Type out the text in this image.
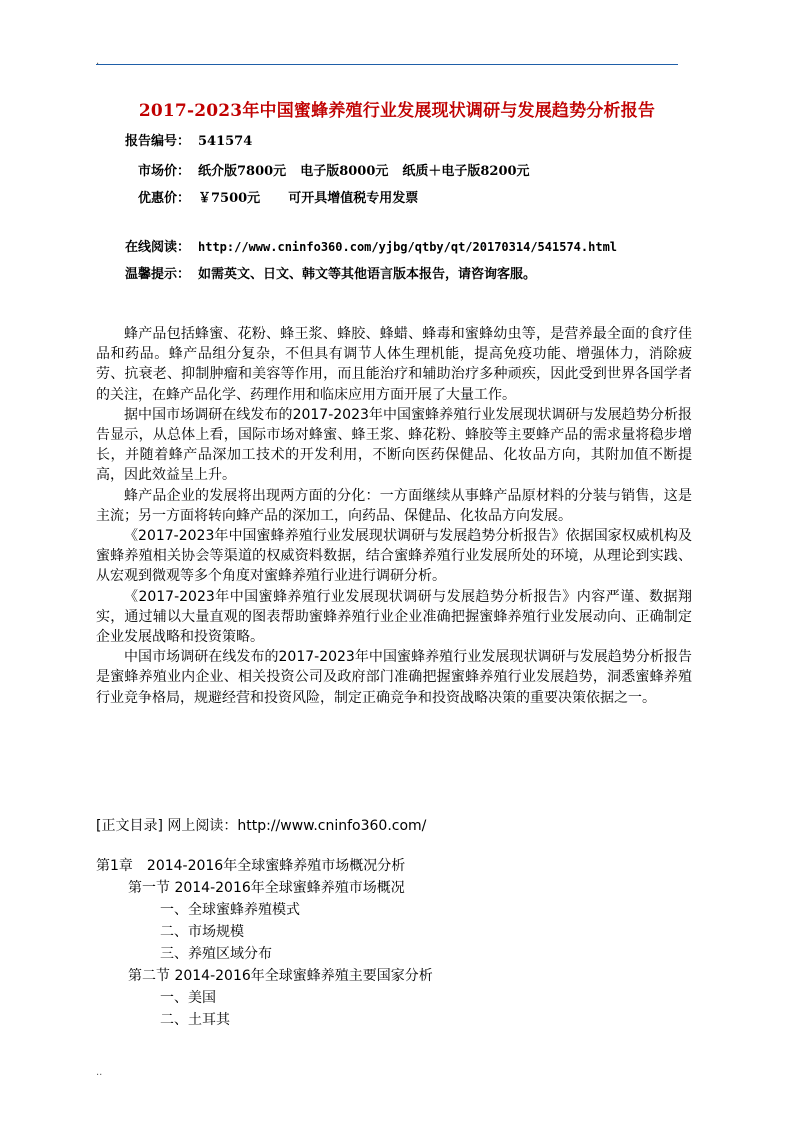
.
2017-2023年中国蜜蜂养殖行业发展现状调研与发展趋势分析报告
报告编号： 541574
市场价： 纸介版7800元 电子版8000元 纸质＋电子版8200元
优惠价： ￥7500元 可开具增值税专用发票
在线阅读： http://www.cninfo360.com/yjbg/qtby/qt/20170314/541574.html
温馨提示： 如需英文、日文、韩文等其他语言版本报告，请咨询客服。

蜂产品包括蜂蜜、花粉、蜂王浆、蜂胶、蜂蜡、蜂毒和蜜蜂幼虫等，是营养最全面的食疗佳品和药品。蜂产品组分复杂，不但具有调节人体生理机能，提高免疫功能、增强体力，消除疲劳、抗衰老、抑制肿瘤和美容等作用，而且能治疗和辅助治疗多种顽疾，因此受到世界各国学者的关注，在蜂产品化学、药理作用和临床应用方面开展了大量工作。

据中国市场调研在线发布的2017-2023年中国蜜蜂养殖行业发展现状调研与发展趋势分析报告显示，从总体上看，国际市场对蜂蜜、蜂王浆、蜂花粉、蜂胶等主要蜂产品的需求量将稳步增长，并随着蜂产品深加工技术的开发利用，不断向医药保健品、化妆品方向，其附加值不断提高，因此效益呈上升。

蜂产品企业的发展将出现两方面的分化：一方面继续从事蜂产品原材料的分装与销售，这是主流；另一方面将转向蜂产品的深加工，向药品、保健品、化妆品方向发展。

《2017-2023年中国蜜蜂养殖行业发展现状调研与发展趋势分析报告》依据国家权威机构及蜜蜂养殖相关协会等渠道的权威资料数据，结合蜜蜂养殖行业发展所处的环境，从理论到实践、从宏观到微观等多个角度对蜜蜂养殖行业进行调研分析。

《2017-2023年中国蜜蜂养殖行业发展现状调研与发展趋势分析报告》内容严谨、数据翔实，通过辅以大量直观的图表帮助蜜蜂养殖行业企业准确把握蜜蜂养殖行业发展动向、正确制定企业发展战略和投资策略。

中国市场调研在线发布的2017-2023年中国蜜蜂养殖行业发展现状调研与发展趋势分析报告是蜜蜂养殖业内企业、相关投资公司及政府部门准确把握蜜蜂养殖行业发展趋势，洞悉蜜蜂养殖行业竞争格局，规避经营和投资风险，制定正确竞争和投资战略决策的重要决策依据之一。

[正文目录] 网上阅读：http://www.cninfo360.com/
第1章　2014-2016年全球蜜蜂养殖市场概况分析
第一节 2014-2016年全球蜜蜂养殖市场概况
一、全球蜜蜂养殖模式
二、市场规模
三、养殖区域分布
第二节 2014-2016年全球蜜蜂养殖主要国家分析
一、美国
二、土耳其
..
